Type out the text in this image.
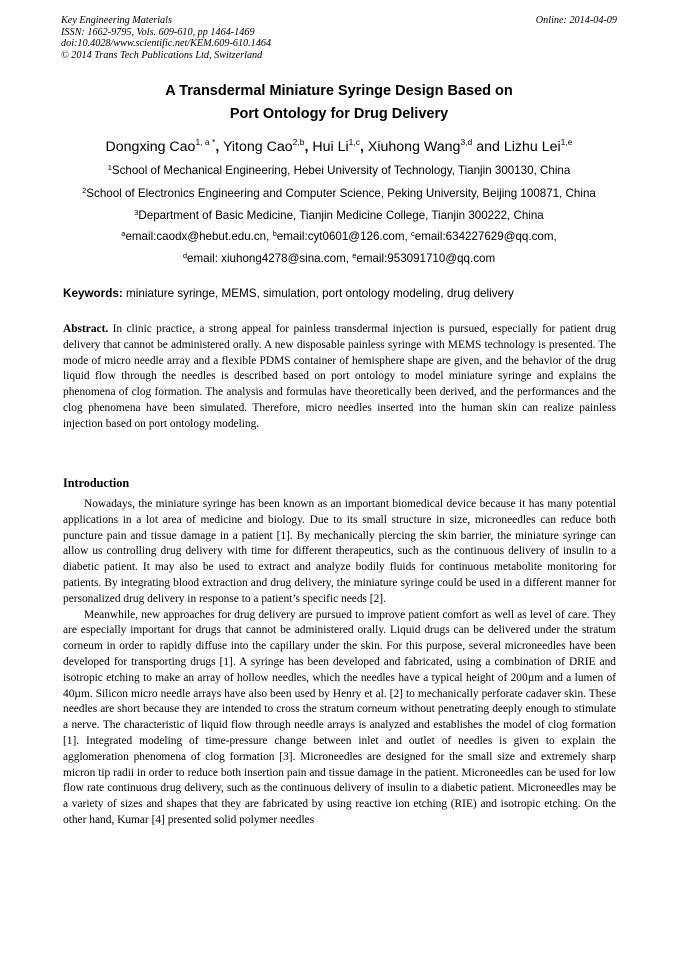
Key Engineering Materials
ISSN: 1662-9795, Vols. 609-610, pp 1464-1469
doi:10.4028/www.scientific.net/KEM.609-610.1464
© 2014 Trans Tech Publications Ltd, Switzerland
Online: 2014-04-09
A Transdermal Miniature Syringe Design Based on
Port Ontology for Drug Delivery
Dongxing Cao$^{1, a *}$, Yitong Cao$^{2,b}$, Hui Li$^{1,c}$, Xiuhong Wang$^{3,d}$ and Lizhu Lei$^{1,e}$
$^1$School of Mechanical Engineering, Hebei University of Technology, Tianjin 300130, China
$^2$School of Electronics Engineering and Computer Science, Peking University, Beijing 100871, China
$^3$Department of Basic Medicine, Tianjin Medicine College, Tianjin 300222, China
$^a$email:caodx@hebut.edu.cn, $^b$email:cyt0601@126.com, $^c$email:634227629@qq.com,
$^d$email: xiuhong4278@sina.com, $^e$email:953091710@qq.com
Keywords: miniature syringe, MEMS, simulation, port ontology modeling, drug delivery

Abstract. In clinic practice, a strong appeal for painless transdermal injection is pursued, especially for patient drug delivery that cannot be administered orally. A new disposable painless syringe with MEMS technology is presented. The mode of micro needle array and a flexible PDMS container of hemisphere shape are given, and the behavior of the drug liquid flow through the needles is described based on port ontology to model miniature syringe and explains the phenomena of clog formation. The analysis and formulas have theoretically been derived, and the performances and the clog phenomena have been simulated. Therefore, micro needles inserted into the human skin can realize painless injection based on port ontology modeling.

Introduction

Nowadays, the miniature syringe has been known as an important biomedical device because it has many potential applications in a lot area of medicine and biology. Due to its small structure in size, microneedles can reduce both puncture pain and tissue damage in a patient [1]. By mechanically piercing the skin barrier, the miniature syringe can allow us controlling drug delivery with time for different therapeutics, such as the continuous delivery of insulin to a diabetic patient. It may also be used to extract and analyze bodily fluids for continuous metabolite monitoring for patients. By integrating blood extraction and drug delivery, the miniature syringe could be used in a different manner for personalized drug delivery in response to a patient’s specific needs [2].

Meanwhile, new approaches for drug delivery are pursued to improve patient comfort as well as level of care. They are especially important for drugs that cannot be administered orally. Liquid drugs can be delivered under the stratum corneum in order to rapidly diffuse into the capillary under the skin. For this purpose, several microneedles have been developed for transporting drugs [1]. A syringe has been developed and fabricated, using a combination of DRIE and isotropic etching to make an array of hollow needles, which the needles have a typical height of 200µm and a lumen of 40µm. Silicon micro needle arrays have also been used by Henry et al. [2] to mechanically perforate cadaver skin. These needles are short because they are intended to cross the stratum corneum without penetrating deeply enough to stimulate a nerve. The characteristic of liquid flow through needle arrays is analyzed and establishes the model of clog formation [1]. Integrated modeling of time-pressure change between inlet and outlet of needles is given to explain the agglomeration phenomena of clog formation [3]. Microneedles are designed for the small size and extremely sharp micron tip radii in order to reduce both insertion pain and tissue damage in the patient. Microneedles can be used for low flow rate continuous drug delivery, such as the continuous delivery of insulin to a diabetic patient. Microneedles may be a variety of sizes and shapes that they are fabricated by using reactive ion etching (RIE) and isotropic etching. On the other hand, Kumar [4] presented solid polymer needles
